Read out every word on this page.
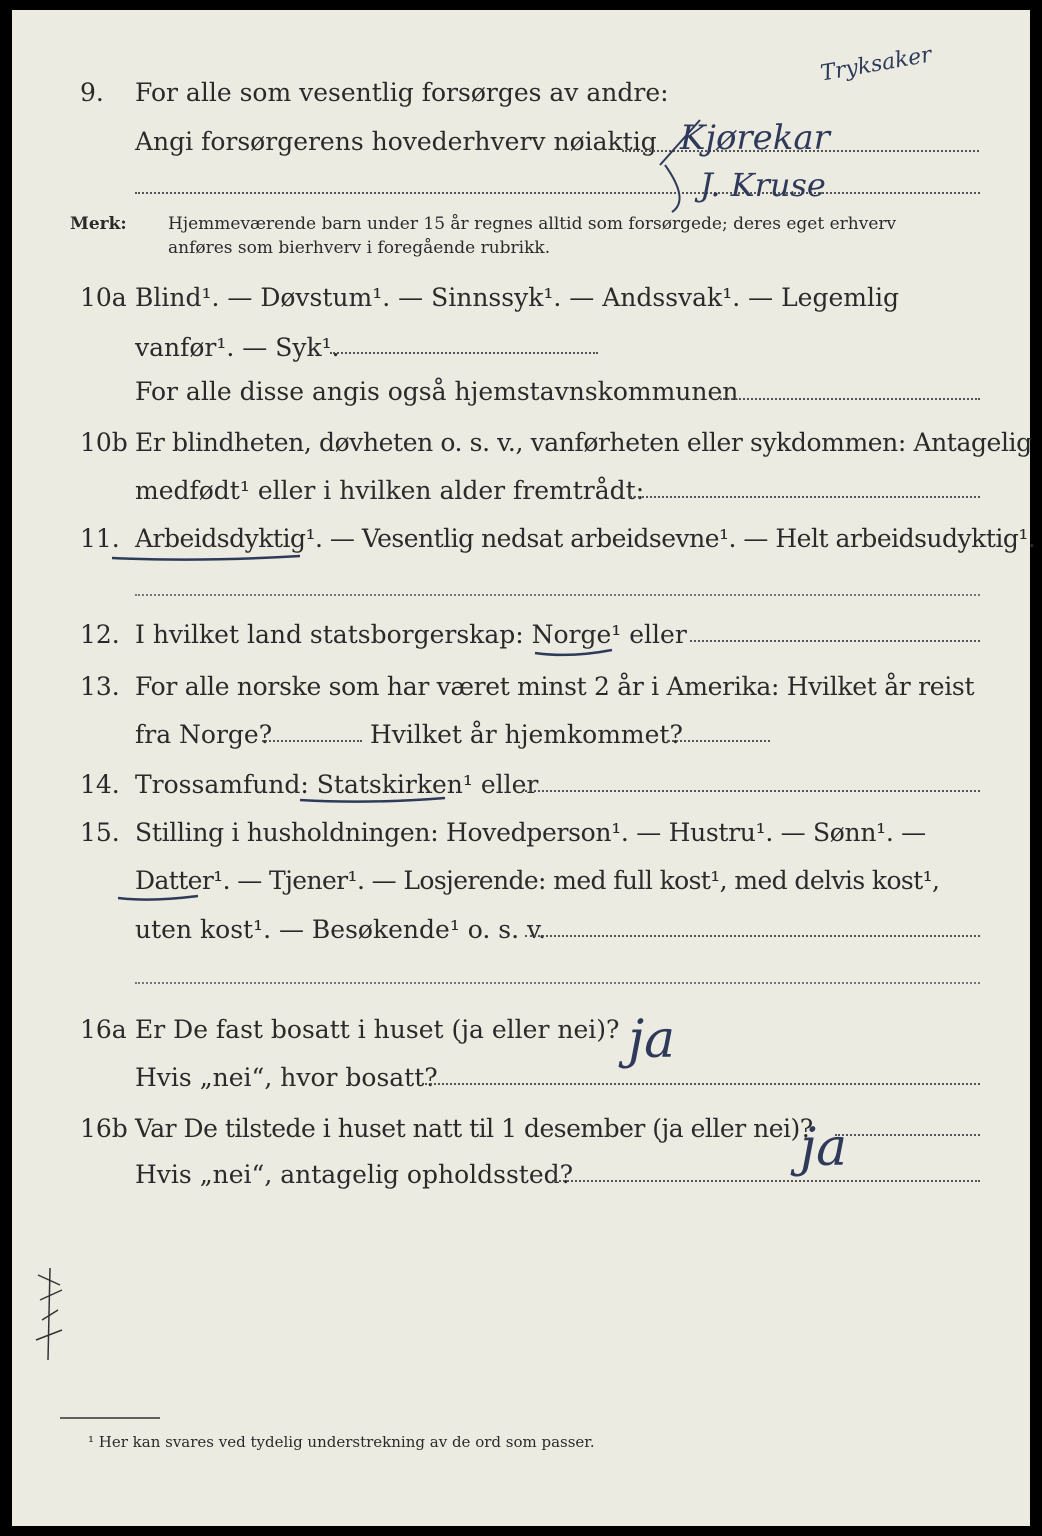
9. For alle som vesentlig forsørges av andre:
Angi forsørgerens hovederhverv nøiaktig Kjørekar
J. Kruse
Tryksaker
Merk: Hjemmeværende barn under 15 år regnes alltid som forsørgede; deres eget erhverv
anføres som bierhverv i foregående rubrikk.
10a Blind¹. — Døvstum¹. — Sinnssyk¹. — Andssvak¹. — Legemlig
vanfør¹. — Syk¹.
For alle disse angis også hjemstavnskommunen
10b Er blindheten, døvheten o. s. v., vanførheten eller sykdommen: Antagelig
medfødt¹ eller i hvilken alder fremtrådt:
11. Arbeidsdyktig¹. — Vesentlig nedsat arbeidsevne¹. — Helt arbeidsudyktig¹.
12. I hvilket land statsborgerskap: Norge¹ eller
13. For alle norske som har været minst 2 år i Amerika: Hvilket år reist
fra Norge?	Hvilket år hjemkommet?
14. Trossamfund: Statskirken¹ eller
15. Stilling i husholdningen: Hovedperson¹. — Hustru¹. — Sønn¹. —
Datter¹. — Tjener¹. — Losjerende: med full kost¹, med delvis kost¹,
uten kost¹. — Besøkende¹ o. s. v.
16a Er De fast bosatt i huset (ja eller nei)?
Hvis „nei“, hvor bosatt?
ja
16b Var De tilstede i huset natt til 1 desember (ja eller nei)?
Hvis „nei“, antagelig opholdssted?	ja
¹ Her kan svares ved tydelig understrekning av de ord som passer.
